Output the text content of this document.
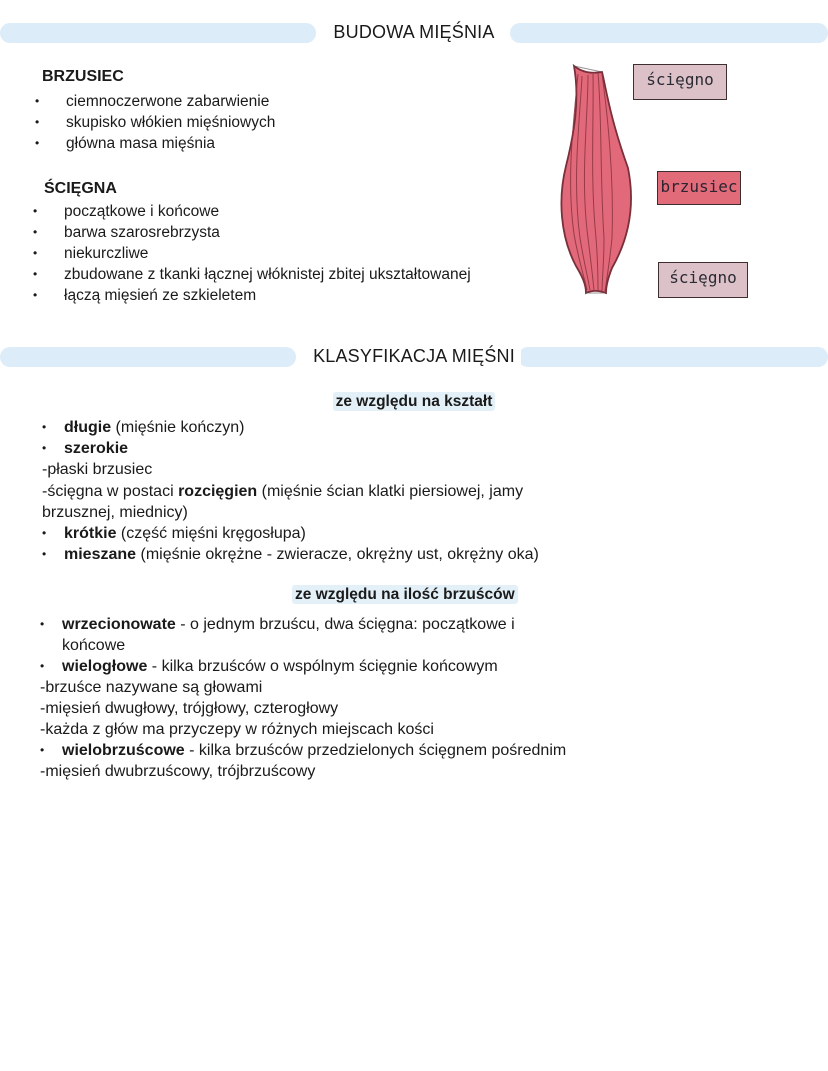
BUDOWA MIĘŚNIA
BRZUSIEC
• ciemnoczerwone zabarwienie
• skupisko włókien mięśniowych
• główna masa mięśnia
ŚCIĘGNA
• początkowe i końcowe
• barwa szarosrebrzysta
• niekurczliwe
• zbudowane z tkanki łącznej włóknistej zbitej ukształtowanej
• łączą mięsień ze szkieletem
ścięgno
brzusiec
ścięgno
KLASYFIKACJA MIĘŚNI
ze względu na kształt
• długie (mięśnie kończyn)
• szerokie
-płaski brzusiec
-ścięgna w postaci rozcięgien (mięśnie ścian klatki piersiowej, jamy
brzusznej, miednicy)
• krótkie (część mięśni kręgosłupa)
• mieszane (mięśnie okrężne - zwieracze, okrężny ust, okrężny oka)
ze względu na ilość brzuśców
• wrzecionowate - o jednym brzuścu, dwa ścięgna: początkowe i
końcowe
• wielogłowe - kilka brzuśców o wspólnym ścięgnie końcowym
-brzuśce nazywane są głowami
-mięsień dwugłowy, trójgłowy, czterogłowy
-każda z głów ma przyczepy w różnych miejscach kości
• wielobrzuścowe - kilka brzuśców przedzielonych ścięgnem pośrednim
-mięsień dwubrzuścowy, trójbrzuścowy
